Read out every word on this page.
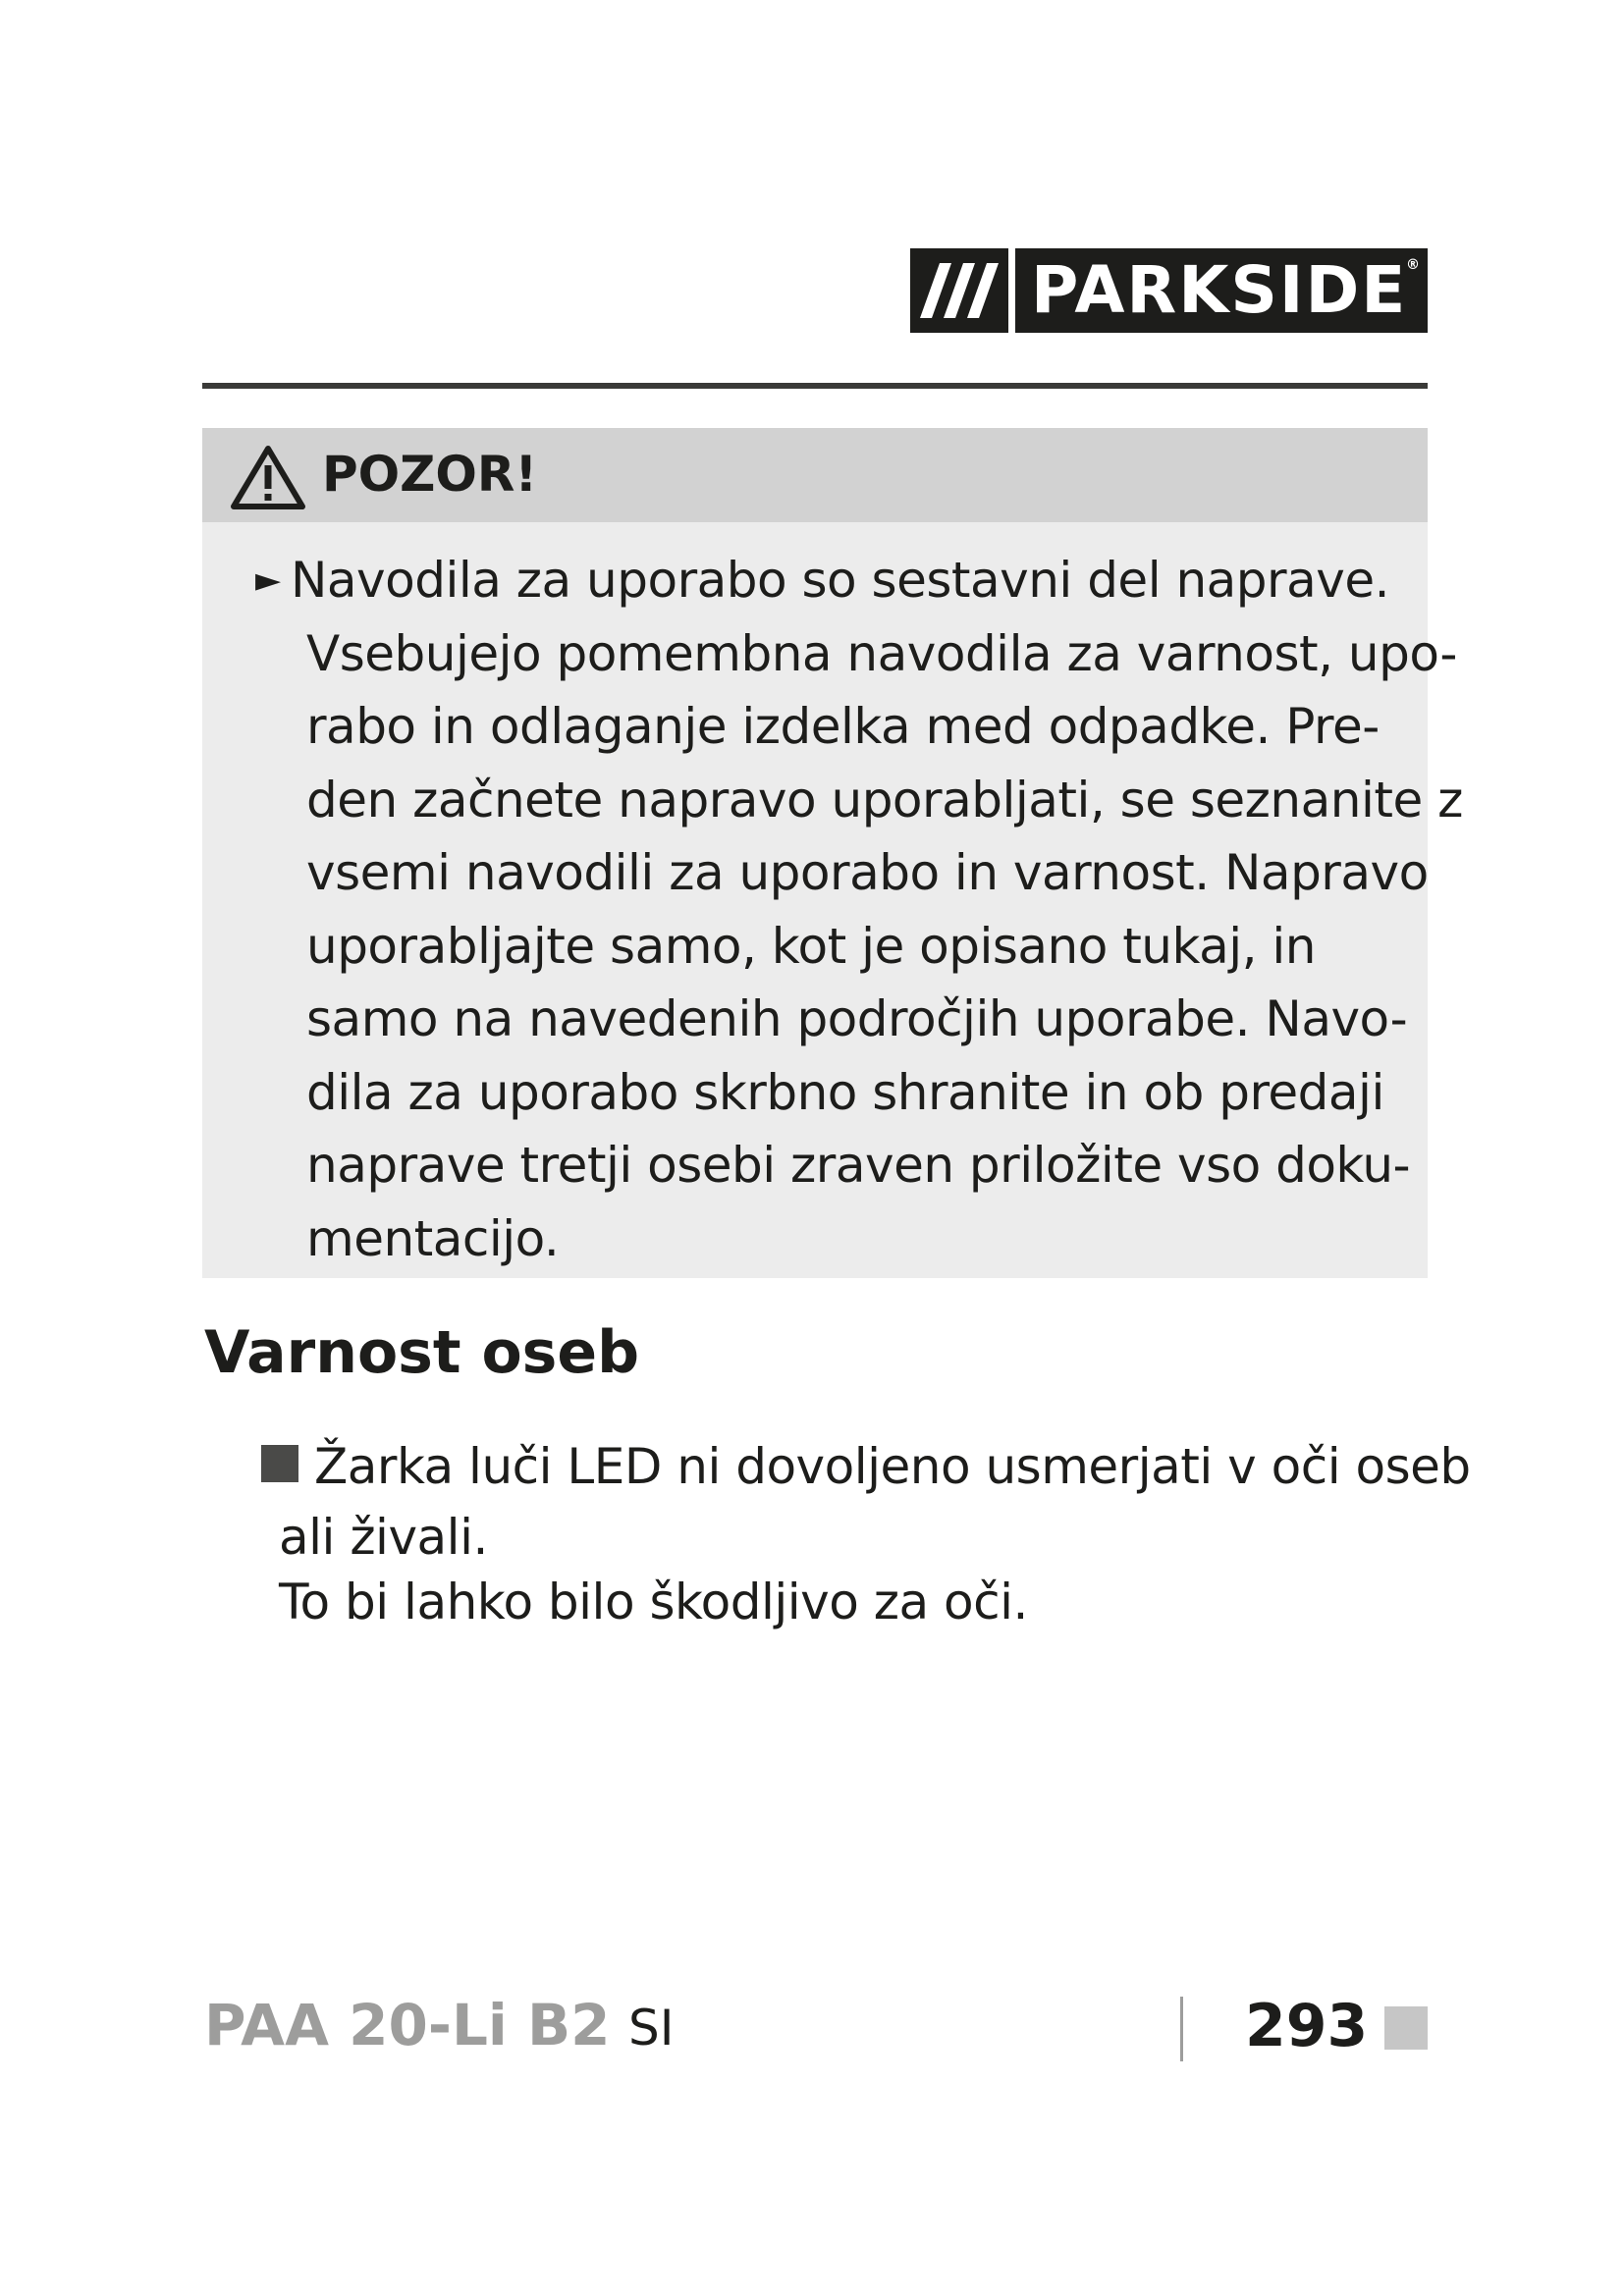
PARKSIDE
®
POZOR!
► Navodila za uporabo so sestavni del naprave.
Vsebujejo pomembna navodila za varnost, upo-
rabo in odlaganje izdelka med odpadke. Pre-
den začnete napravo uporabljati, se seznanite z
vsemi navodili za uporabo in varnost. Napravo
uporabljajte samo, kot je opisano tukaj, in
samo na navedenih področjih uporabe. Navo-
dila za uporabo skrbno shranite in ob predaji
naprave tretji osebi zraven priložite vso doku-
mentacijo.
Varnost oseb
Žarka luči LED ni dovoljeno usmerjati v oči oseb
ali živali.
To bi lahko bilo škodljivo za oči.
PAA 20-Li B2 SI	293
